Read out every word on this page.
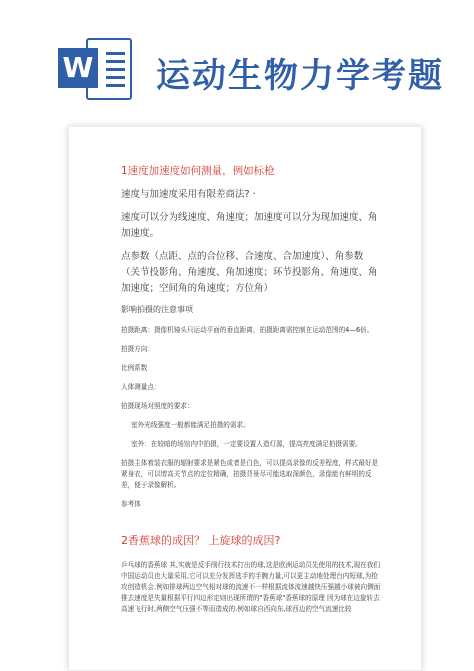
W 运动生物力学考题
1速度加速度如何测量，例如标枪
速度与加速度采用有限差商法? ·
速度可以分为线速度、角速度；加速度可以分为现加速度、角加速度。
点参数（点距、点的合位移、合速度、合加速度）、角参数（关节投影角、角速度、角加速度；环节投影角、角速度、角加速度；空间角的角速度；方位角）
影响拍摄的注意事项
拍摄距离：摄像机镜头只运动平面的垂直距离，拍摄距离需控制在运动范围的4—6倍。
拍摄方向：
比例系数
人体测量点：
拍摄现场对照度的要求：
室外光线强度一般都能满足拍摄的需求。
室外：在较暗的场馆内中拍摄，一定要设置人造灯源，提高亮度满足拍摄需要。
拍摄主体着装衣服的辐射要求是紧色或者是白色，可以提高录像的反差程度，样式最好是紧身衣，可以增高关节点的定位精确，拍摄背景尽可能选取深颜色，录像能有鲜明的反差，便于录像解析。
参考体
2香蕉球的成因？ 上旋球的成因?
乒乓球的香蕉球 其,实就是反手削行技术打出的球,这是欧洲运动员先使用的技术,现在我们中国运动员也大量采用,它可以充分发挥选手的手腕力量,可以更主动地处理台内短球,为抢攻创造机会.例如排球两边空气相对球的流速不一样根据流体流速越快压强越小球被向侧面推去速度是失量根据平行四边形定则出现所谓的"香蕉球"香蕉球的原理 因为球在边旋转去高速飞行时,两侧空气压强不等而造成的.例如球自西向东,球西边的空气流速比较
